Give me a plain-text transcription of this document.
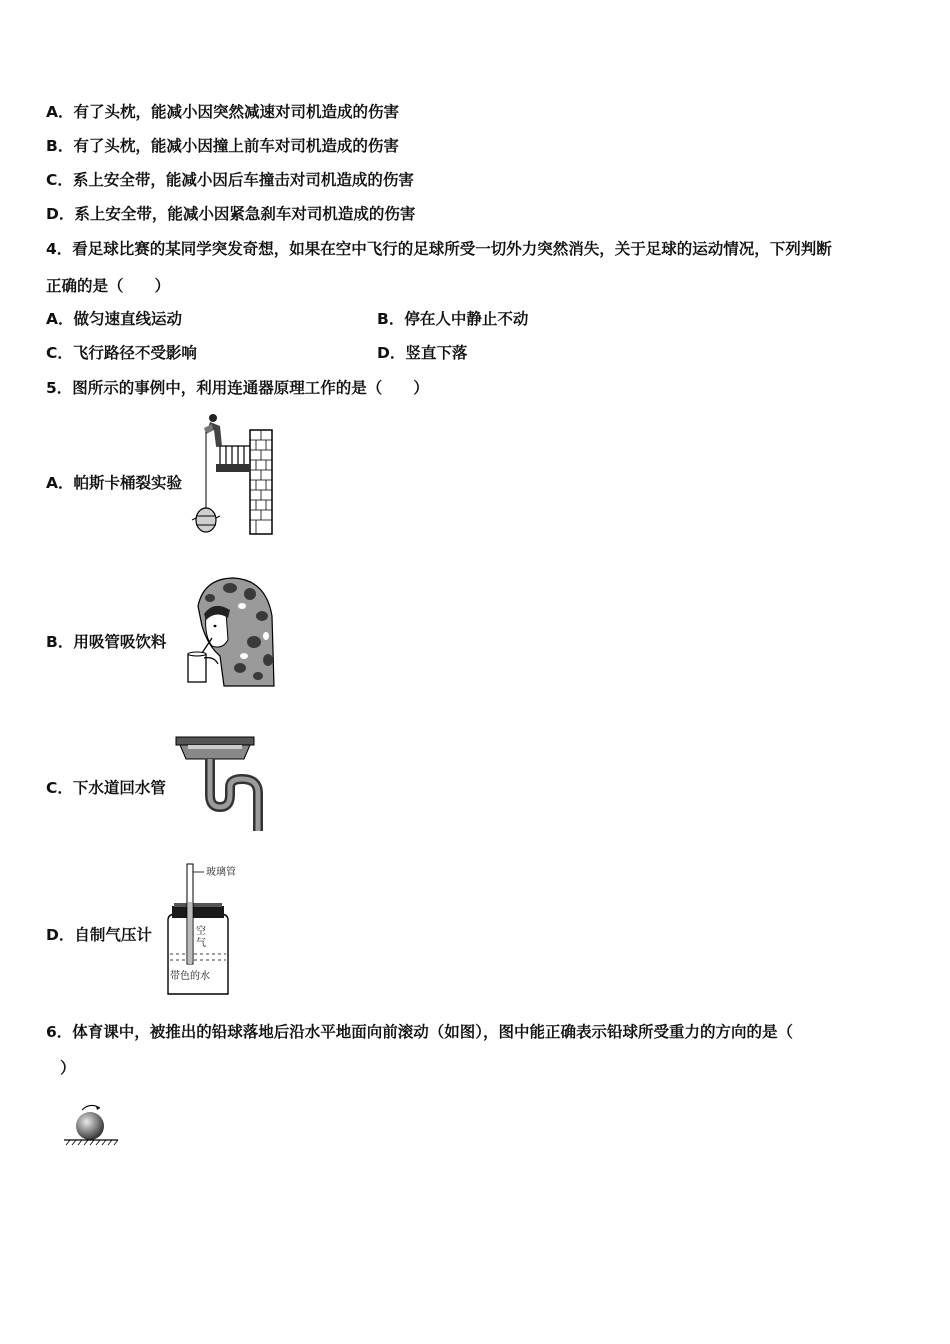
A．有了头枕，能减小因突然减速对司机造成的伤害
B．有了头枕，能减小因撞上前车对司机造成的伤害
C．系上安全带，能减小因后车撞击对司机造成的伤害
D．系上安全带，能减小因紧急刹车对司机造成的伤害
4．看足球比赛的某同学突发奇想，如果在空中飞行的足球所受一切外力突然消失，关于足球的运动情况，下列判断
正确的是（　　）
A．做匀速直线运动	B．停在人中静止不动
C．飞行路径不受影响	D．竖直下落
5．图所示的事例中，利用连通器原理工作的是（　　）
A．帕斯卡桶裂实验
B．用吸管吸饮料
C．下水道回水管
D．自制气压计
玻璃管
空气
带色的水
6．体育课中，被推出的铅球落地后沿水平地面向前滚动（如图），图中能正确表示铅球所受重力的方向的是（
）
